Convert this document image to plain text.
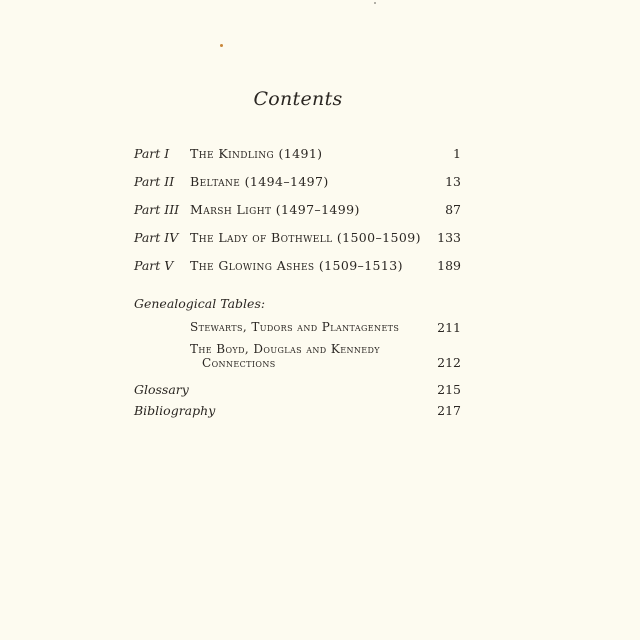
Contents
Part I The Kindling (1491)	1
Part II Beltane (1494–1497)	13
Part III Marsh Light (1497–1499)	87
Part IV The Lady of Bothwell (1500–1509) 133
Part V The Glowing Ashes (1509–1513)	189
Genealogical Tables:
Stewarts, Tudors and Plantagenets	211
The Boyd, Douglas and Kennedy
Connections	212
Glossary	215
Bibliography	217
